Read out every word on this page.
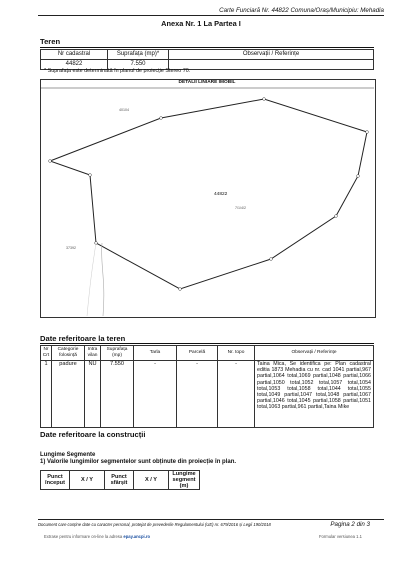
Carte Funciară Nr. 44822 Comuna/Oraș/Municipiu: Mehadia
Anexa Nr. 1 La Partea I
Teren
Nr cadastral	Suprafața (mp)*	Observații / Referințe
44822	7.550	
* Suprafața este determinată în planul de proiecție Stereo 70.
DETALII LINIARE IMOBIL
44822
7/1/4/2
40104
37392
Date referitoare la teren
Nr Crt	Categorie folosință	Intra vilan	Suprafața (mp)	Tarla	Parcelă	Nr. topo	Observații / Referințe
1	padure	NU	7.550	-	-	-	Taina Mica, Se identifica pe: Plan cadastral editia 1873 Mehadia cu nr. cad 1041 partial,967 partial,1064 total,1069 partial,1048 partial,1066 partial,1050 total,1052 total,1057 total,1054 total,1053 total,1058 total,1044 total,1055 total,1049 partial,1047 total,1048 partial,1067 partial,1046 total,1045 partial,1058 partial,1051 total,1063 partial,961 partial,Taina Mike
Date referitoare la construcții
Lungime Segmente
1) Valorile lungimilor segmentelor sunt obținute din proiecție în plan.
Punct început	X / Y	Punct sfârșit	X / Y	Lungime segment (m)
Document care conține date cu caracter personal, protejat de prevederile Regulamentului (UE) nr. 679/2016 și Legii 190/2018	Pagina 2 din 3
Extrase pentru informare on-line la adresa epay.ancpi.ro	Formular versiunea 1.1
